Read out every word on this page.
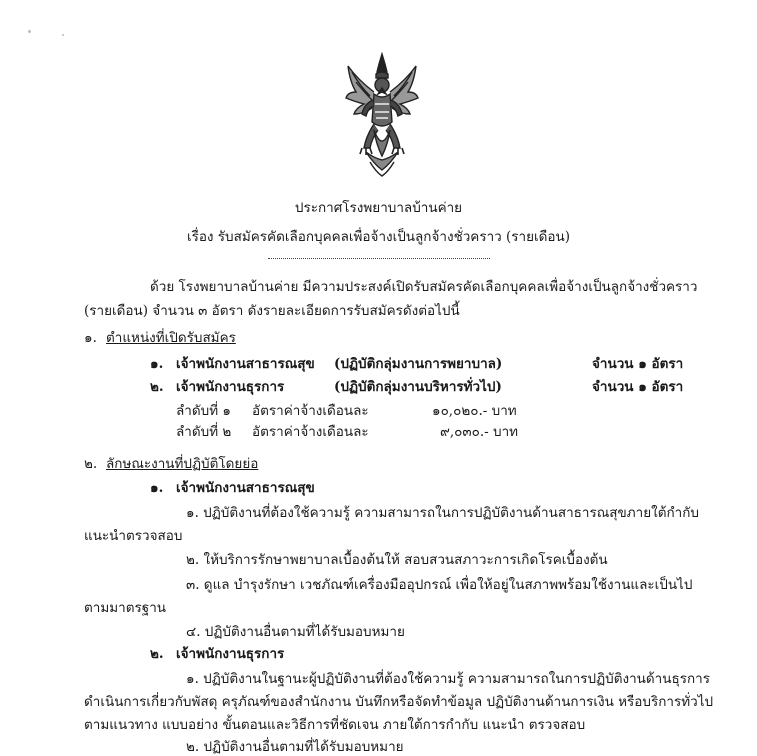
ประกาศโรงพยาบาลบ้านค่าย
เรื่อง รับสมัครคัดเลือกบุคคลเพื่อจ้างเป็นลูกจ้างชั่วคราว (รายเดือน)
ด้วย โรงพยาบาลบ้านค่าย มีความประสงค์เปิดรับสมัครคัดเลือกบุคคลเพื่อจ้างเป็นลูกจ้างชั่วคราว
(รายเดือน) จำนวน ๓ อัตรา ดังรายละเอียดการรับสมัครดังต่อไปนี้
๑. ตำแหน่งที่เปิดรับสมัคร
๑. เจ้าพนักงานสาธารณสุข (ปฏิบัติกลุ่มงานการพยาบาล)	จำนวน ๑ อัตรา
๒. เจ้าพนักงานธุรการ	(ปฏิบัติกลุ่มงานบริหารทั่วไป)	จำนวน ๑ อัตรา
ลำดับที่ ๑ อัตราค่าจ้างเดือนละ	๑๐,๐๒๐.- บาท
ลำดับที่ ๒ อัตราค่าจ้างเดือนละ	๙,๐๓๐.- บาท
๒. ลักษณะงานที่ปฏิบัติโดยย่อ
๑. เจ้าพนักงานสาธารณสุข
๑. ปฏิบัติงานที่ต้องใช้ความรู้ ความสามารถในการปฏิบัติงานด้านสาธารณสุขภายใต้กำกับ
แนะนำตรวจสอบ
๒. ให้บริการรักษาพยาบาลเบื้องต้นให้ สอบสวนสภาวะการเกิดโรคเบื้องต้น
๓. ดูแล บำรุงรักษา เวชภัณฑ์เครื่องมืออุปกรณ์ เพื่อให้อยู่ในสภาพพร้อมใช้งานและเป็นไป
ตามมาตรฐาน
๔. ปฏิบัติงานอื่นตามที่ได้รับมอบหมาย
๒. เจ้าพนักงานธุรการ
๑. ปฏิบัติงานในฐานะผู้ปฏิบัติงานที่ต้องใช้ความรู้ ความสามารถในการปฏิบัติงานด้านธุรการ
ดำเนินการเกี่ยวกับพัสดุ ครุภัณฑ์ของสำนักงาน บันทึกหรือจัดทำข้อมูล ปฏิบัติงานด้านการเงิน หรือบริการทั่วไป
ตามแนวทาง แบบอย่าง ขั้นตอนและวิธีการที่ชัดเจน ภายใต้การกำกับ แนะนำ ตรวจสอบ
๒. ปฏิบัติงานอื่นตามที่ได้รับมอบหมาย
